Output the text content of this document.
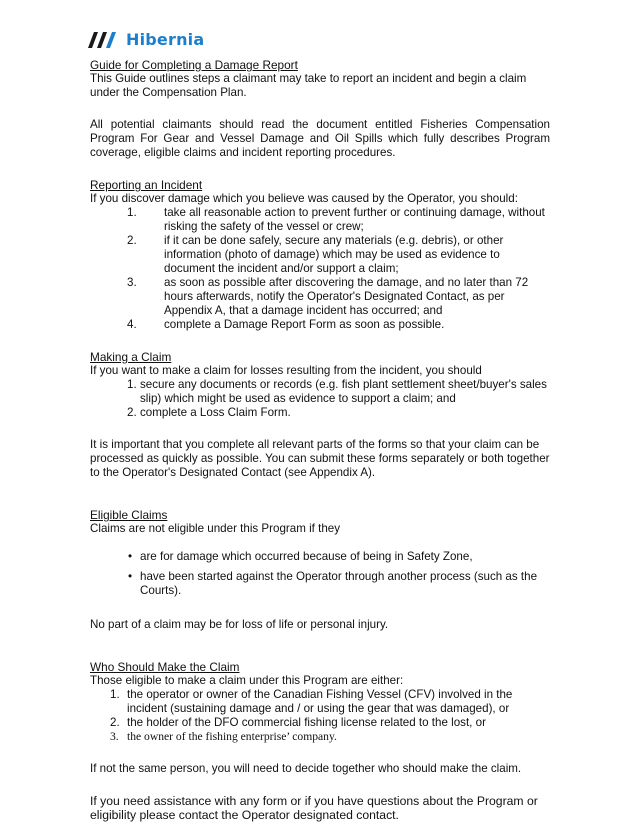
Hibernia

Guide for Completing a Damage Report

This Guide outlines steps a claimant may take to report an incident and begin a claim under the Compensation Plan.

All potential claimants should read the document entitled Fisheries Compensation Program For Gear and Vessel Damage and Oil Spills which fully describes Program coverage, eligible claims and incident reporting procedures.

Reporting an Incident

If you discover damage which you believe was caused by the Operator, you should:

1. take all reasonable action to prevent further or continuing damage, without risking the safety of the vessel or crew;
2. if it can be done safely, secure any materials (e.g. debris), or other information (photo of damage) which may be used as evidence to document the incident and/or support a claim;
3. as soon as possible after discovering the damage, and no later than 72 hours afterwards, notify the Operator's Designated Contact, as per Appendix A, that a damage incident has occurred; and
4. complete a Damage Report Form as soon as possible.

Making a Claim

If you want to make a claim for losses resulting from the incident, you should

1. secure any documents or records (e.g. fish plant settlement sheet/buyer's sales slip) which might be used as evidence to support a claim; and
2. complete a Loss Claim Form.

It is important that you complete all relevant parts of the forms so that your claim can be processed as quickly as possible. You can submit these forms separately or both together to the Operator's Designated Contact (see Appendix A).

Eligible Claims

Claims are not eligible under this Program if they

• are for damage which occurred because of being in Safety Zone,
• have been started against the Operator through another process (such as the Courts).

No part of a claim may be for loss of life or personal injury.

Who Should Make the Claim

Those eligible to make a claim under this Program are either:

1. the operator or owner of the Canadian Fishing Vessel (CFV) involved in the incident (sustaining damage and / or using the gear that was damaged), or
2. the holder of the DFO commercial fishing license related to the lost, or
3. the owner of the fishing enterprise’ company.

If not the same person, you will need to decide together who should make the claim.

If you need assistance with any form or if you have questions about the Program or eligibility please contact the Operator designated contact.
